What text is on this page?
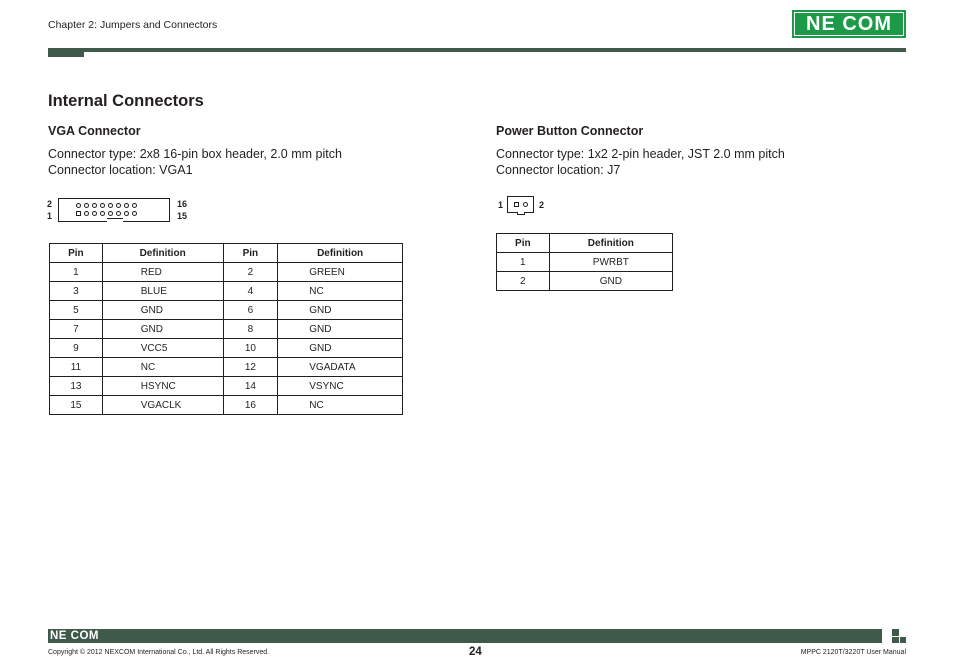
Chapter 2: Jumpers and Connectors	NE COM
Internal Connectors
VGA Connector
Connector type: 2x8 16-pin box header, 2.0 mm pitch
Connector location: VGA1
2
1
16
15
Pin	Definition	Pin	Definition
1	RED	2	GREEN
3	BLUE	4	NC
5	GND	6	GND
7	GND	8	GND
9	VCC5	10	GND
11	NC	12	VGADATA
13	HSYNC	14	VSYNC
15	VGACLK	16	NC
Power Button Connector
Connector type: 1x2 2-pin header, JST 2.0 mm pitch
Connector location: J7
1	2
Pin	Definition
1	PWRBT
2	GND
NE COM
Copyright © 2012 NEXCOM International Co., Ltd. All Rights Reserved.	24	MPPC 2120T/3220T User Manual
